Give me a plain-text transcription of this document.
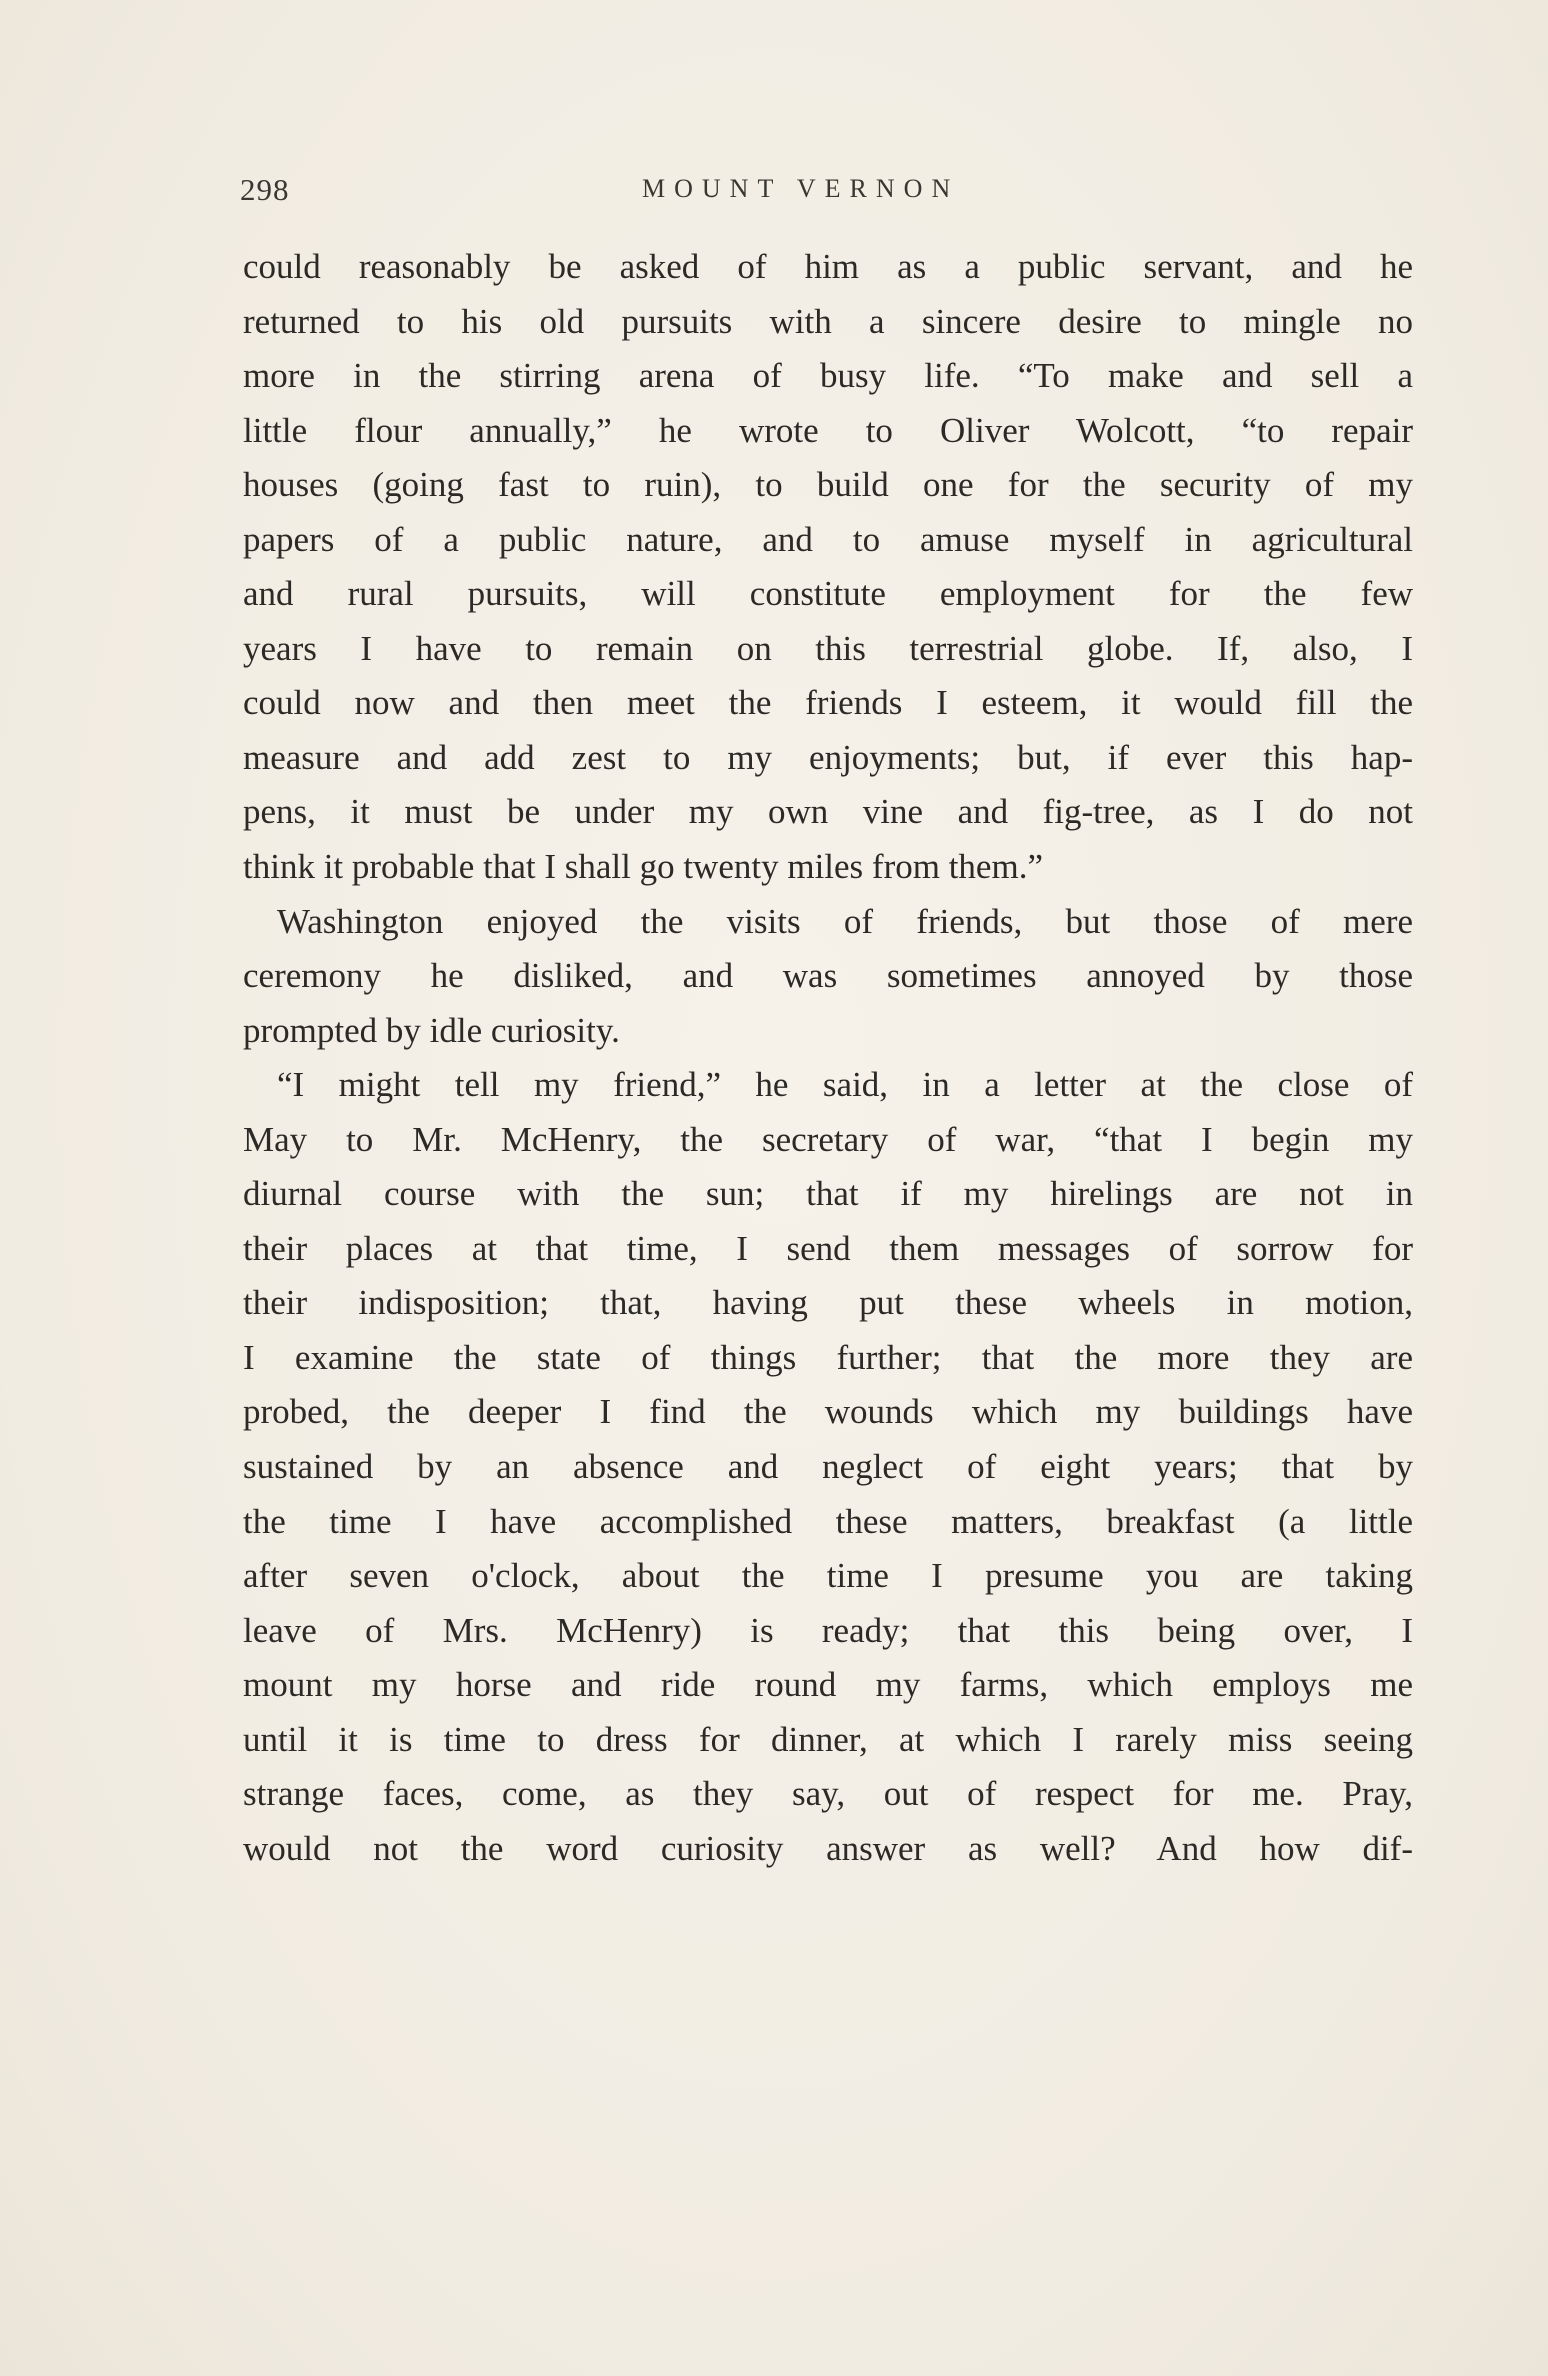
298	MOUNT VERNON
could reasonably be asked of him as a public servant, and he
returned to his old pursuits with a sincere desire to mingle no
more in the stirring arena of busy life. “To make and sell a
little flour annually,” he wrote to Oliver Wolcott, “to repair
houses (going fast to ruin), to build one for the security of my
papers of a public nature, and to amuse myself in agricultural
and rural pursuits, will constitute employment for the few
years I have to remain on this terrestrial globe. If, also, I
could now and then meet the friends I esteem, it would fill the
measure and add zest to my enjoyments; but, if ever this hap-
pens, it must be under my own vine and fig-tree, as I do not
think it probable that I shall go twenty miles from them.”
Washington enjoyed the visits of friends, but those of mere
ceremony he disliked, and was sometimes annoyed by those
prompted by idle curiosity.
“I might tell my friend,” he said, in a letter at the close of
May to Mr. McHenry, the secretary of war, “that I begin my
diurnal course with the sun; that if my hirelings are not in
their places at that time, I send them messages of sorrow for
their indisposition; that, having put these wheels in motion,
I examine the state of things further; that the more they are
probed, the deeper I find the wounds which my buildings have
sustained by an absence and neglect of eight years; that by
the time I have accomplished these matters, breakfast (a little
after seven o'clock, about the time I presume you are taking
leave of Mrs. McHenry) is ready; that this being over, I
mount my horse and ride round my farms, which employs me
until it is time to dress for dinner, at which I rarely miss seeing
strange faces, come, as they say, out of respect for me. Pray,
would not the word curiosity answer as well? And how dif-
